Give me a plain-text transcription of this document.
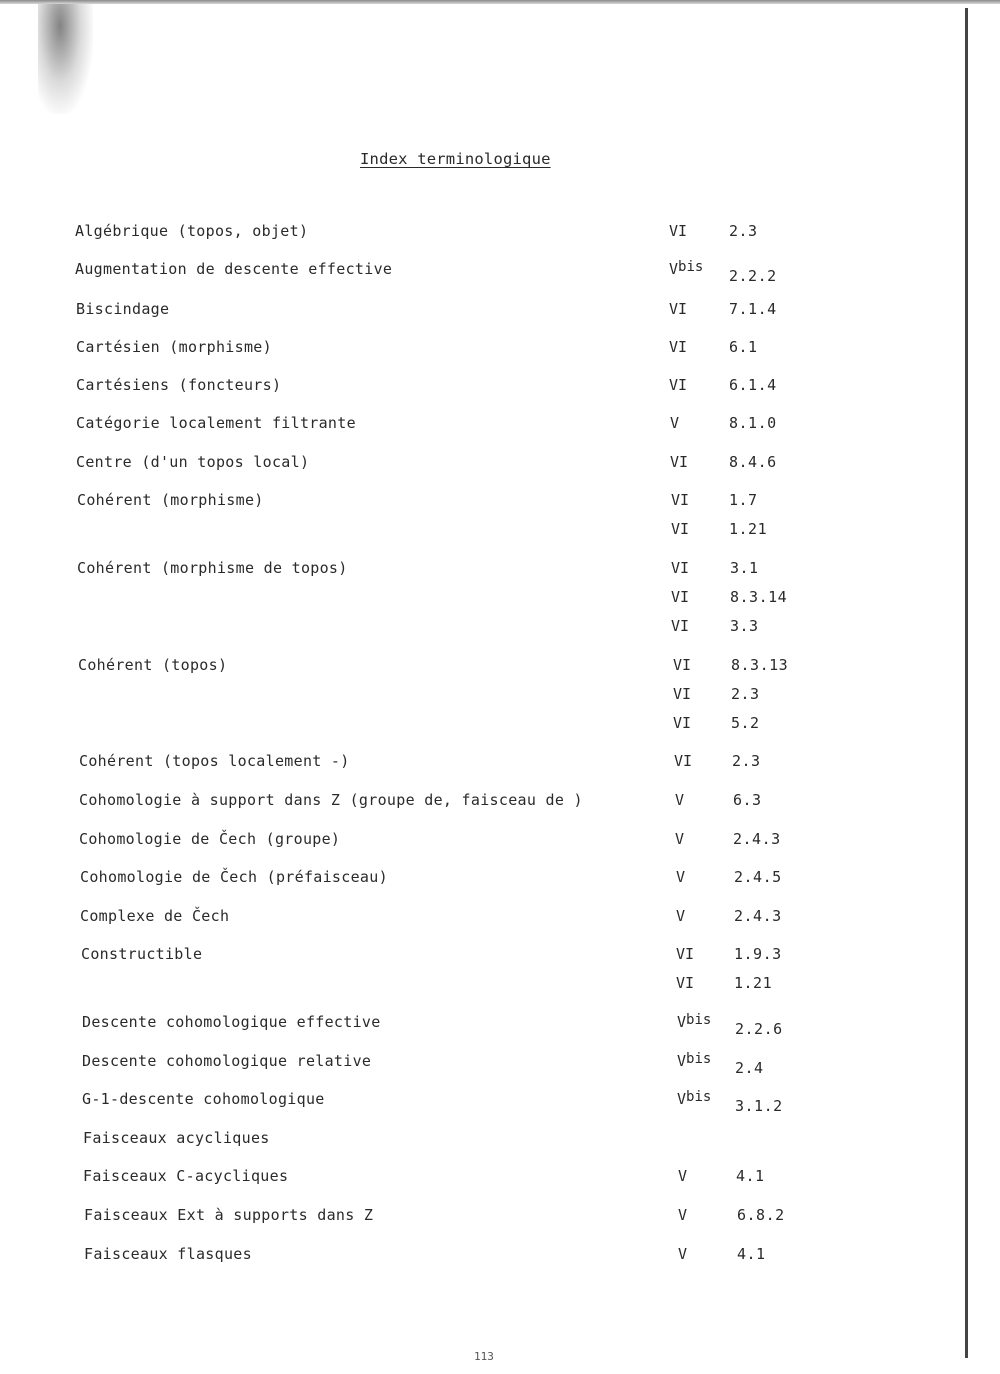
Index terminologique
Algébrique (topos, objet)	VI	2.3
Augmentation de descente effective	$V^{bis}$ 2.2.2
Biscindage	VI	7.1.4
Cartésien (morphisme)	VI	6.1
Cartésiens (foncteurs)	VI	6.1.4
Catégorie localement filtrante	V	8.1.0
Centre (d'un topos local)	VI	8.4.6
Cohérent (morphisme)	VI	1.7
VI	1.21
Cohérent (morphisme de topos)	VI	3.1
VI	8.3.14
VI	3.3
Cohérent (topos)	VI	8.3.13
VI	2.3
VI	5.2
Cohérent (topos localement -)	VI	2.3
Cohomologie à support dans Z (groupe de, faisceau de )	V	6.3
Cohomologie de Čech (groupe)	V	2.4.3
Cohomologie de Čech (préfaisceau)	V	2.4.5
Complexe de Čech	V	2.4.3
Constructible	VI	1.9.3
VI	1.21
Descente cohomologique effective	$V^{bis}$ 2.2.6
Descente cohomologique relative	$V^{bis}$ 2.4
G-1-descente cohomologique	$V^{bis}$ 3.1.2
Faisceaux acycliques
Faisceaux C-acycliques	V	4.1
Faisceaux Ext à supports dans Z	V	6.8.2
Faisceaux flasques	V	4.1
113
